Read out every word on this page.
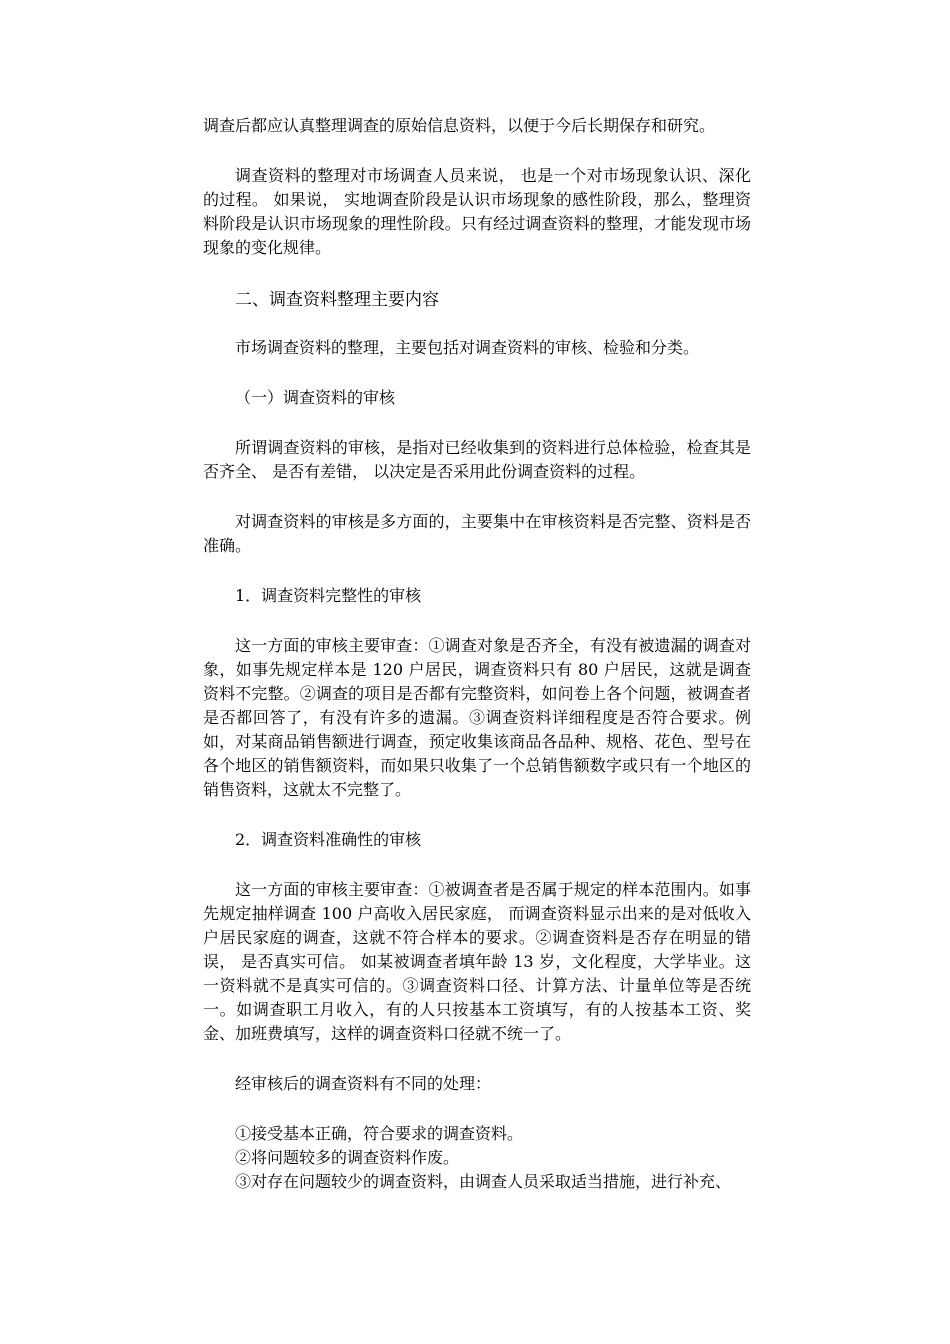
调查后都应认真整理调查的原始信息资料，以便于今后长期保存和研究。

调查资料的整理对市场调查人员来说， 也是一个对市场现象认识、深化的过程。 如果说， 实地调查阶段是认识市场现象的感性阶段，那么，整理资料阶段是认识市场现象的理性阶段。只有经过调查资料的整理，才能发现市场现象的变化规律。

二、调查资料整理主要内容

市场调查资料的整理，主要包括对调查资料的审核、检验和分类。

（一）调查资料的审核

所谓调查资料的审核，是指对已经收集到的资料进行总体检验，检查其是否齐全、 是否有差错， 以决定是否采用此份调查资料的过程。

对调查资料的审核是多方面的，主要集中在审核资料是否完整、资料是否准确。

1．调查资料完整性的审核

这一方面的审核主要审查：①调查对象是否齐全，有没有被遗漏的调查对象，如事先规定样本是 120 户居民，调查资料只有 80 户居民，这就是调查资料不完整。②调查的项目是否都有完整资料，如问卷上各个问题，被调查者是否都回答了，有没有许多的遗漏。③调查资料详细程度是否符合要求。例如，对某商品销售额进行调查，预定收集该商品各品种、规格、花色、型号在各个地区的销售额资料，而如果只收集了一个总销售额数字或只有一个地区的销售资料，这就太不完整了。

2．调查资料准确性的审核

这一方面的审核主要审查：①被调查者是否属于规定的样本范围内。如事先规定抽样调查 100 户高收入居民家庭， 而调查资料显示出来的是对低收入户居民家庭的调查，这就不符合样本的要求。②调查资料是否存在明显的错误， 是否真实可信。 如某被调查者填年龄 13 岁，文化程度，大学毕业。这一资料就不是真实可信的。③调查资料口径、计算方法、计量单位等是否统一。如调查职工月收入，有的人只按基本工资填写，有的人按基本工资、奖金、加班费填写，这样的调查资料口径就不统一了。

经审核后的调查资料有不同的处理：

①接受基本正确，符合要求的调查资料。

②将问题较多的调查资料作废。

③对存在问题较少的调查资料，由调查人员采取适当措施，进行补充、
